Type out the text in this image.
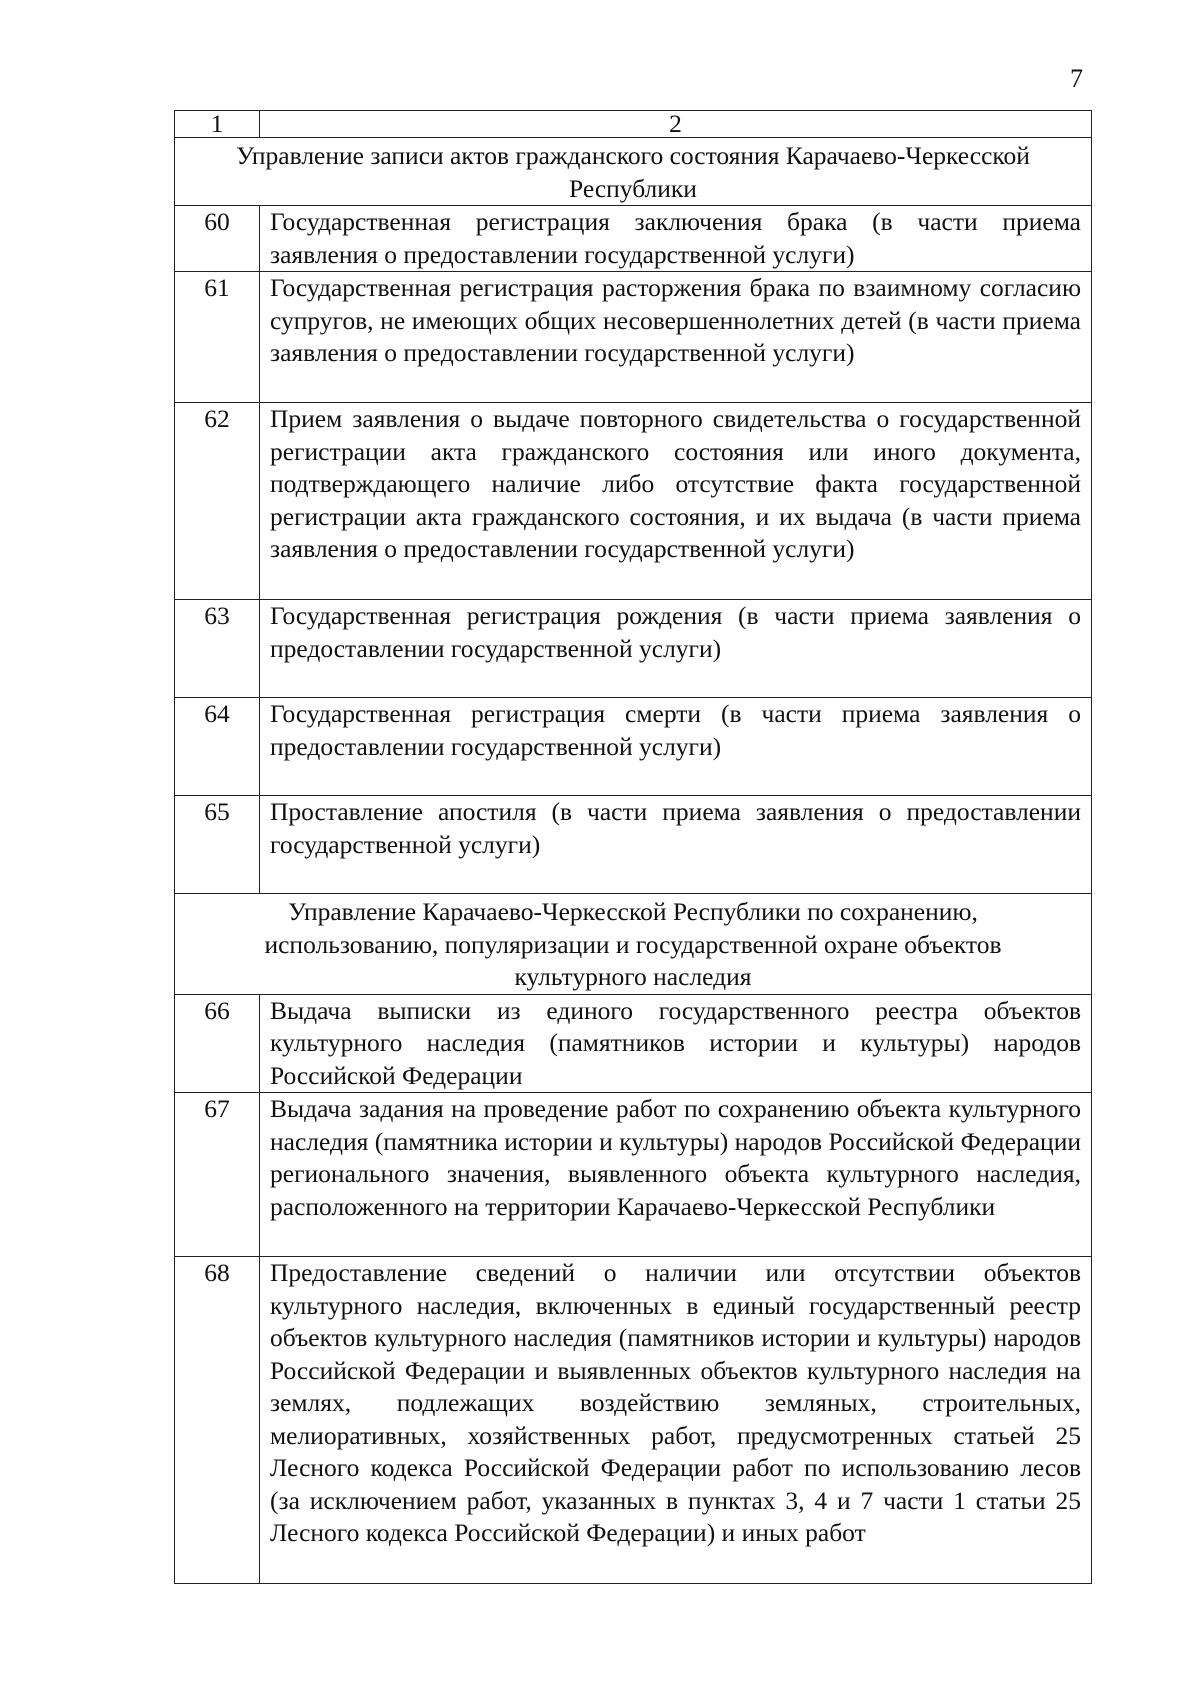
7
1	2
Управление записи актов гражданского состояния Карачаево-Черкесской Республики	
60	Государственная регистрация заключения брака (в части приема заявления о предоставлении государственной услуги)
61	Государственная регистрация расторжения брака по взаимному согласию супругов, не имеющих общих несовершеннолетних детей (в части приема заявления о предоставлении государственной услуги)
62	Прием заявления о выдаче повторного свидетельства о государственной регистрации акта гражданского состояния или иного документа, подтверждающего наличие либо отсутствие факта государственной регистрации акта гражданского состояния, и их выдача (в части приема заявления о предоставлении государственной услуги)
63	Государственная регистрация рождения (в части приема заявления о предоставлении государственной услуги)
64	Государственная регистрация смерти (в части приема заявления о предоставлении государственной услуги)
65	Проставление апостиля (в части приема заявления о предоставлении государственной услуги)
Управление Карачаево-Черкесской Республики по сохранению, использованию, популяризации и государственной охране объектов культурного наследия	
66	Выдача выписки из единого государственного реестра объектов культурного наследия (памятников истории и культуры) народов Российской Федерации
67	Выдача задания на проведение работ по сохранению объекта культурного наследия (памятника истории и культуры) народов Российской Федерации регионального значения, выявленного объекта культурного наследия, расположенного на территории Карачаево-Черкесской Республики
68	Предоставление сведений о наличии или отсутствии объектов культурного наследия, включенных в единый государственный реестр объектов культурного наследия (памятников истории и культуры) народов Российской Федерации и выявленных объектов культурного наследия на землях, подлежащих воздействию земляных, строительных, мелиоративных, хозяйственных работ, предусмотренных статьей 25 Лесного кодекса Российской Федерации работ по использованию лесов (за исключением работ, указанных в пунктах 3, 4 и 7 части 1 статьи 25 Лесного кодекса Российской Федерации) и иных работ
